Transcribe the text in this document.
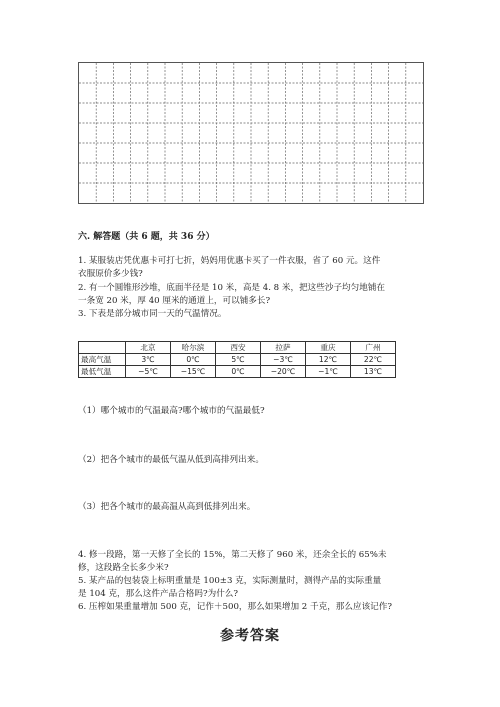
六. 解答题（共 6 题，共 36 分）
1. 某服装店凭优惠卡可打七折，妈妈用优惠卡买了一件衣服，省了 60 元。这件
衣服原价多少钱?
2. 有一个圆锥形沙堆，底面半径是 10 米，高是 4. 8 米，把这些沙子均匀地铺在
一条宽 20 米，厚 40 厘米的通道上，可以铺多长?
3. 下表是部分城市同一天的气温情况。
	北京	哈尔滨	西安	拉萨	重庆	广州
最高气温	3℃	0℃	5℃	−3℃	12℃	22℃
最低气温	−5℃	−15℃	0℃	−20℃	−1℃	13℃
（1）哪个城市的气温最高?哪个城市的气温最低?
（2）把各个城市的最低气温从低到高排列出来。
（3）把各个城市的最高温从高到低排列出来。
4. 修一段路，第一天修了全长的 15%，第二天修了 960 米，还余全长的 65%未
修，这段路全长多少米?
5. 某产品的包装袋上标明重量是 100±3 克，实际测量时，测得产品的实际重量
是 104 克，那么这件产品合格吗?为什么?
6. 压榨如果重量增加 500 克，记作＋500，那么如果增加 2 千克，那么应该记作?
参考答案
